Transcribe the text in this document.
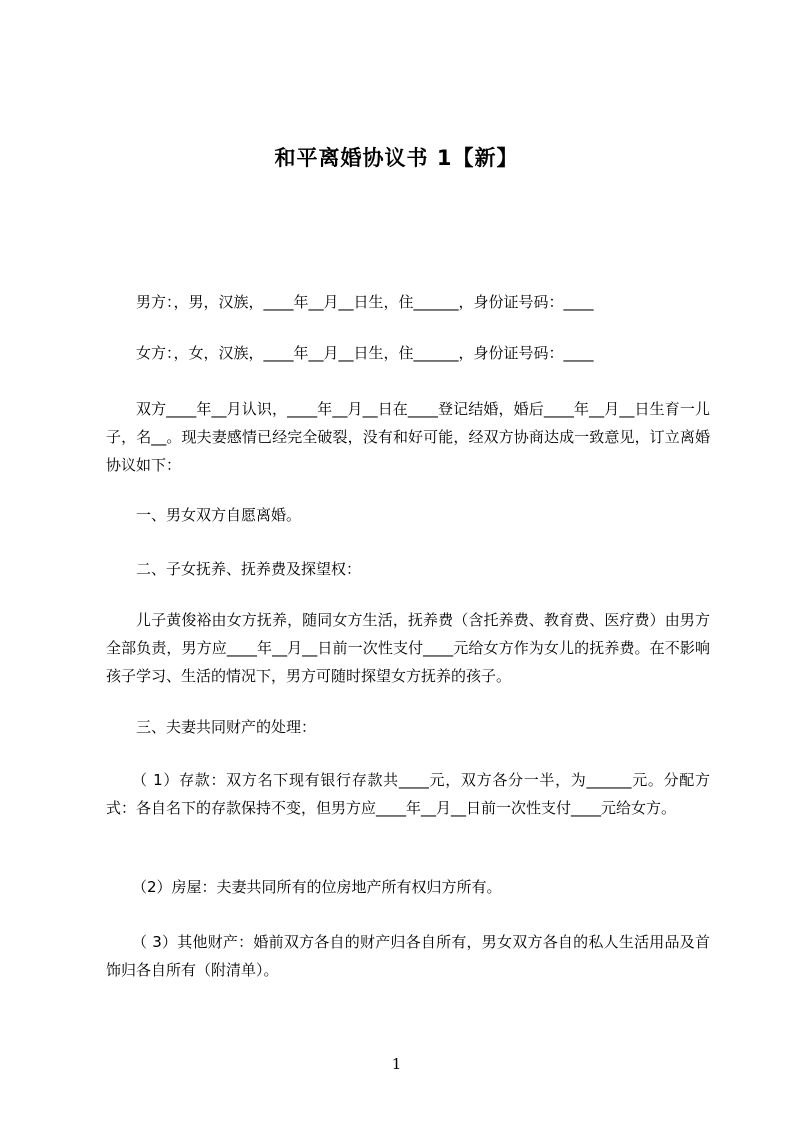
和平离婚协议书 1【新】
男方：，男，汉族，____年__月__日生，住______，身份证号码：____
女方：，女，汉族，____年__月__日生，住______，身份证号码：____
双方____年__月认识，____年__月__日在____登记结婚，婚后____年__月__日生育一儿子，名__。现夫妻感情已经完全破裂，没有和好可能，经双方协商达成一致意见，订立离婚协议如下：
一、男女双方自愿离婚。
二、子女抚养、抚养费及探望权：
儿子黄俊裕由女方抚养，随同女方生活，抚养费（含托养费、教育费、医疗费）由男方全部负责，男方应____年__月__日前一次性支付____元给女方作为女儿的抚养费。在不影响孩子学习、生活的情况下，男方可随时探望女方抚养的孩子。
三、夫妻共同财产的处理：
（ 1）存款：双方名下现有银行存款共____元，双方各分一半，为______元。分配方式：各自名下的存款保持不变，但男方应____年__月__日前一次性支付____元给女方。
（2）房屋：夫妻共同所有的位房地产所有权归方所有。
（ 3）其他财产：婚前双方各自的财产归各自所有，男女双方各自的私人生活用品及首饰归各自所有（附清单）。
1
